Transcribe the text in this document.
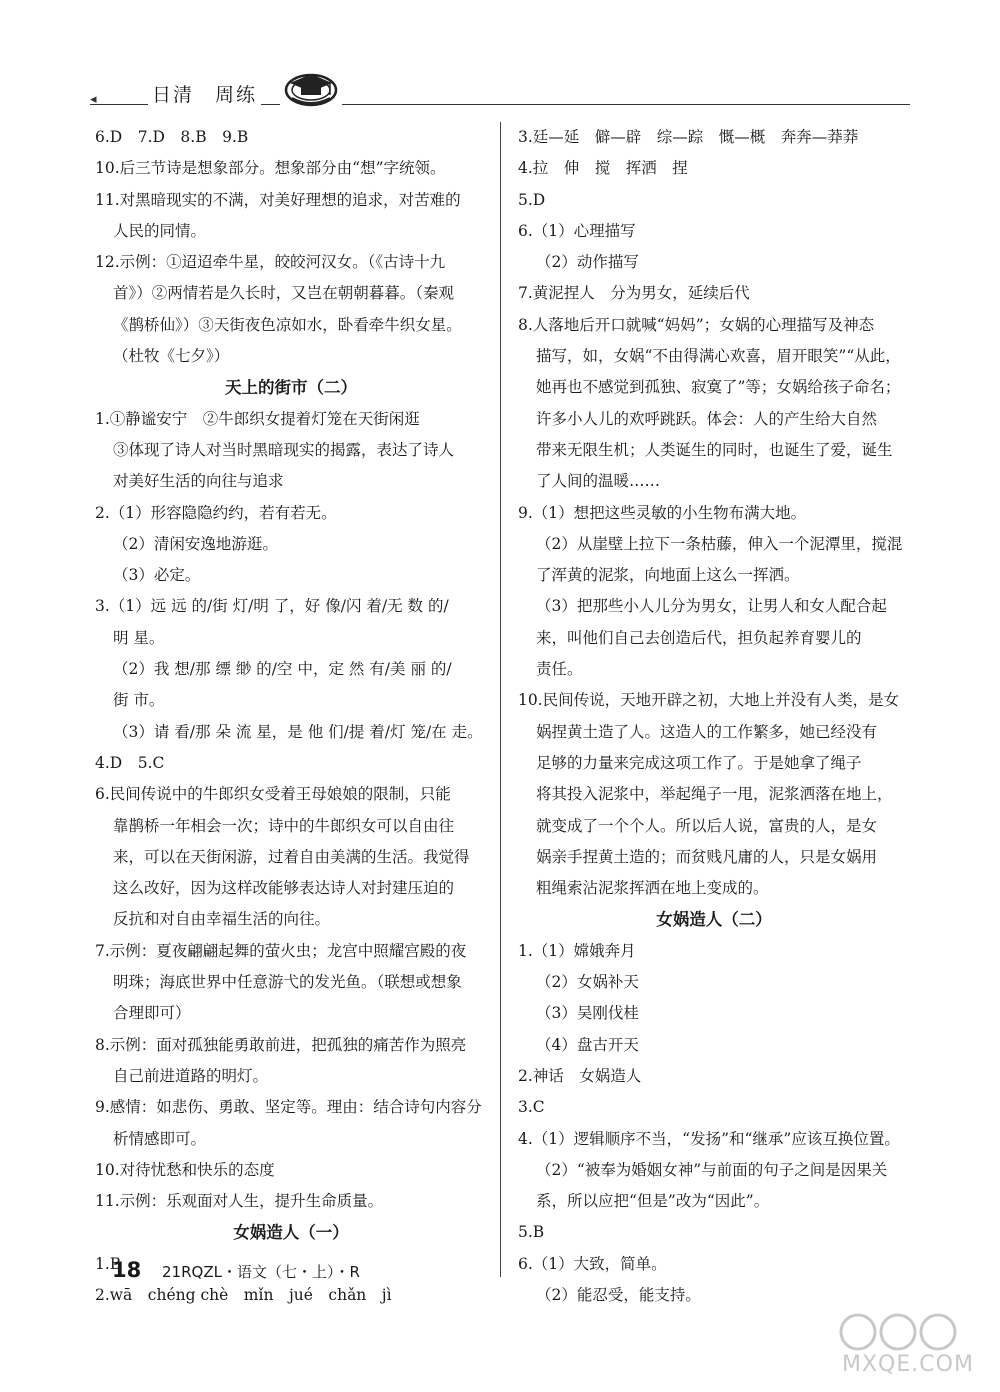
◂	日清　周练
6.D　7.D　8.B　9.B
10.后三节诗是想象部分。想象部分由“想”字统领。
11.对黑暗现实的不满，对美好理想的追求，对苦难的
人民的同情。
12.示例：①迢迢牵牛星，皎皎河汉女。（《古诗十九
首》）②两情若是久长时，又岂在朝朝暮暮。（秦观
《鹊桥仙》）③天街夜色凉如水，卧看牵牛织女星。
（杜牧《七夕》）
天上的街市（二）
1.①静谧安宁　②牛郎织女提着灯笼在天街闲逛
③体现了诗人对当时黑暗现实的揭露，表达了诗人
对美好生活的向往与追求
2.（1）形容隐隐约约，若有若无。
（2）清闲安逸地游逛。
（3）必定。
3.（1）远 远 的/街 灯/明 了，好 像/闪 着/无 数 的/
明 星。
（2）我 想/那 缥 缈 的/空 中，定 然 有/美 丽 的/
街 市。
（3）请 看/那 朵 流 星，是 他 们/提 着/灯 笼/在 走。
4.D　5.C
6.民间传说中的牛郎织女受着王母娘娘的限制，只能
靠鹊桥一年相会一次；诗中的牛郎织女可以自由往
来，可以在天街闲游，过着自由美满的生活。我觉得
这么改好，因为这样改能够表达诗人对封建压迫的
反抗和对自由幸福生活的向往。
7.示例：夏夜翩翩起舞的萤火虫；龙宫中照耀宫殿的夜
明珠；海底世界中任意游弋的发光鱼。（联想或想象
合理即可）
8.示例：面对孤独能勇敢前进，把孤独的痛苦作为照亮
自己前进道路的明灯。
9.感情：如悲伤、勇敢、坚定等。理由：结合诗句内容分
析情感即可。
10.对待忧愁和快乐的态度
11.示例：乐观面对人生，提升生命质量。
女娲造人（一）
1.B
2.wā　chéng chè　mǐn　jué　chǎn　jì
3.廷—延　僻—辟　综—踪　慨—概　奔奔—莽莽
4.拉　伸　搅　挥洒　捏
5.D
6.（1）心理描写
（2）动作描写
7.黄泥捏人　分为男女，延续后代
8.人落地后开口就喊“妈妈”；女娲的心理描写及神态
描写，如，女娲“不由得满心欢喜，眉开眼笑”“从此，
她再也不感觉到孤独、寂寞了”等；女娲给孩子命名；
许多小人儿的欢呼跳跃。体会：人的产生给大自然
带来无限生机；人类诞生的同时，也诞生了爱，诞生
了人间的温暖……
9.（1）想把这些灵敏的小生物布满大地。
（2）从崖壁上拉下一条枯藤，伸入一个泥潭里，搅混
了浑黄的泥浆，向地面上这么一挥洒。
（3）把那些小人儿分为男女，让男人和女人配合起
来，叫他们自己去创造后代，担负起养育婴儿的
责任。
10.民间传说，天地开辟之初，大地上并没有人类，是女
娲捏黄土造了人。这造人的工作繁多，她已经没有
足够的力量来完成这项工作了。于是她拿了绳子
将其投入泥浆中，举起绳子一甩，泥浆洒落在地上，
就变成了一个个人。所以后人说，富贵的人，是女
娲亲手捏黄土造的；而贫贱凡庸的人，只是女娲用
粗绳索沾泥浆挥洒在地上变成的。
女娲造人（二）
1.（1）嫦娥奔月
（2）女娲补天
（3）吴刚伐桂
（4）盘古开天
2.神话　女娲造人
3.C
4.（1）逻辑顺序不当，“发扬”和“继承”应该互换位置。
（2）“被奉为婚姻女神”与前面的句子之间是因果关
系，所以应把“但是”改为“因此”。
5.B
6.（1）大致，简单。
（2）能忍受，能支持。
18 21RQZL・语文（七・上）・R
MXQE.COM
